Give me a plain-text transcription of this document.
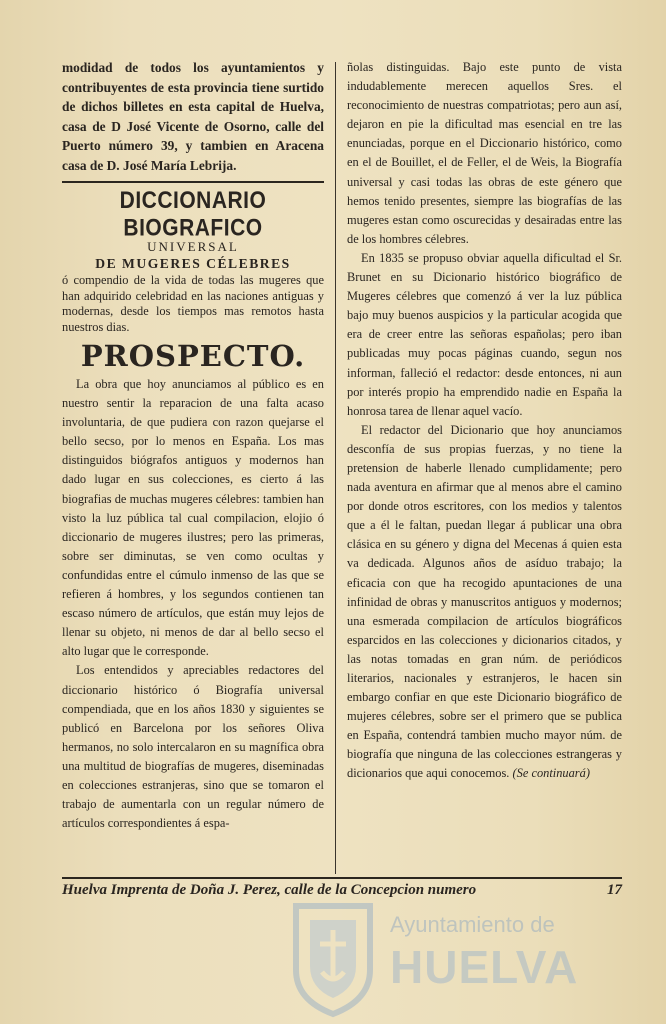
modidad de todos los ayuntamientos y contribuyentes de esta provincia tiene surtido de dichos billetes en esta capital de Huelva, casa de D José Vicente de Osorno, calle del Puerto número 39, y tambien en Aracena casa de D. José María Lebrija.

DICCIONARIO BIOGRAFICO
UNIVERSAL
DE MUGERES CÉLEBRES

ó compendio de la vida de todas las mugeres que han adquirido celebridad en las naciones antiguas y modernas, desde los tiempos mas remotos hasta nuestros dias.

PROSPECTO.

La obra que hoy anunciamos al público es en nuestro sentir la reparacion de una falta acaso involuntaria, de que pudiera con razon quejarse el bello secso, por lo menos en España. Los mas distinguidos biógrafos antiguos y modernos han dado lugar en sus colecciones, es cierto á las biografias de muchas mugeres célebres: tambien han visto la luz pública tal cual compilacion, elojio ó diccionario de mugeres ilustres; pero las primeras, sobre ser diminutas, se ven como ocultas y confundidas entre el cúmulo inmenso de las que se refieren á hombres, y los segundos contienen tan escaso número de artículos, que están muy lejos de llenar su objeto, ni menos de dar al bello secso el alto lugar que le corresponde.

Los entendidos y apreciables redactores del diccionario histórico ó Biografía universal compendiada, que en los años 1830 y siguientes se publicó en Barcelona por los señores Oliva hermanos, no solo intercalaron en su magnífica obra una multitud de biografías de mugeres, diseminadas en colecciones estranjeras, sino que se tomaron el trabajo de aumentarla con un regular número de artículos correspondientes á espa-

ñolas distinguidas. Bajo este punto de vista indudablemente merecen aquellos Sres. el reconocimiento de nuestras compatriotas; pero aun así, dejaron en pie la dificultad mas esencial en tre las enunciadas, porque en el Diccionario histórico, como en el de Bouillet, el de Feller, el de Weis, la Biografía universal y casi todas las obras de este género que hemos tenido presentes, siempre las biografías de las mugeres estan como oscurecidas y desairadas entre las de los hombres célebres.

En 1835 se propuso obviar aquella dificultad el Sr. Brunet en su Dicionario histórico biográfico de Mugeres célebres que comenzó á ver la luz pública bajo muy buenos auspicios y la particular acogida que era de creer entre las señoras españolas; pero iban publicadas muy pocas páginas cuando, segun nos informan, falleció el redactor: desde entonces, ni aun por interés propio ha emprendido nadie en España la honrosa tarea de llenar aquel vacío.

El redactor del Dicionario que hoy anunciamos desconfía de sus propias fuerzas, y no tiene la pretension de haberle llenado cumplidamente; pero nada aventura en afirmar que al menos abre el camino por donde otros escritores, con los medios y talentos que a él le faltan, puedan llegar á publicar una obra clásica en su género y digna del Mecenas á quien esta va dedicada. Algunos años de asíduo trabajo; la eficacia con que ha recogido apuntaciones de una infinidad de obras y manuscritos antiguos y modernos; una esmerada compilacion de artículos biográficos esparcidos en las colecciones y dicionarios citados, y las notas tomadas en gran núm. de periódicos literarios, nacionales y estranjeros, le hacen sin embargo confiar en que este Dicionario biográfico de mujeres célebres, sobre ser el primero que se publica en España, contendrá tambien mucho mayor núm. de biografía que ninguna de las colecciones estrangeras y dicionarios que aqui conocemos. (Se continuará)

Huelva Imprenta de Doña J. Perez, calle de la Concepcion numero	17
Ayuntamiento de
HUELVA
